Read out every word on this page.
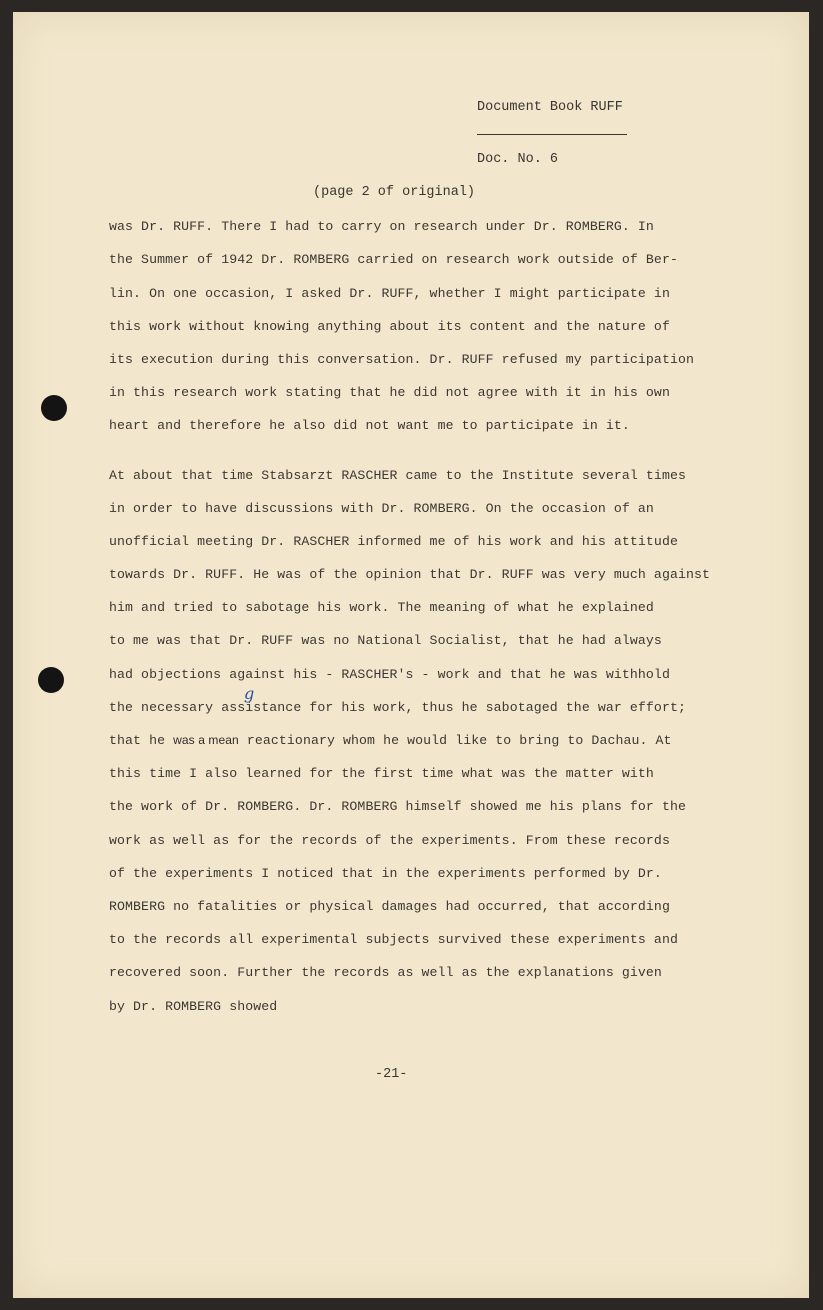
Document Book RUFF
Doc. No. 6
(page 2 of original)
was Dr. RUFF. There I had to carry on research under Dr. ROMBERG. In
the Summer of 1942 Dr. ROMBERG carried on research work outside of Ber-
lin. On one occasion, I asked Dr. RUFF, whether I might participate in
this work without knowing anything about its content and the nature of
its execution during this conversation. Dr. RUFF refused my participation
in this research work stating that he did not agree with it in his own
heart and therefore he also did not want me to participate in it.
At about that time Stabsarzt RASCHER came to the Institute several times
in order to have discussions with Dr. ROMBERG. On the occasion of an
unofficial meeting Dr. RASCHER informed me of his work and his attitude
towards Dr. RUFF. He was of the opinion that Dr. RUFF was very much against
him and tried to sabotage his work. The meaning of what he explained
to me was that Dr. RUFF was no National Socialist, that he had always
had objections against his - RASCHER's - work and that he was withhold
the necessary assistance for his work, thus he sabotaged the war effort;
that he was a mean reactionary whom he would like to bring to Dachau. At
this time I also learned for the first time what was the matter with
the work of Dr. ROMBERG. Dr. ROMBERG himself showed me his plans for the
work as well as for the records of the experiments. From these records
of the experiments I noticed that in the experiments performed by Dr.
ROMBERG no fatalities or physical damages had occurred, that according
to the records all experimental subjects survived these experiments and
recovered soon. Further the records as well as the explanations given
by Dr. ROMBERG showed
g
-21-
